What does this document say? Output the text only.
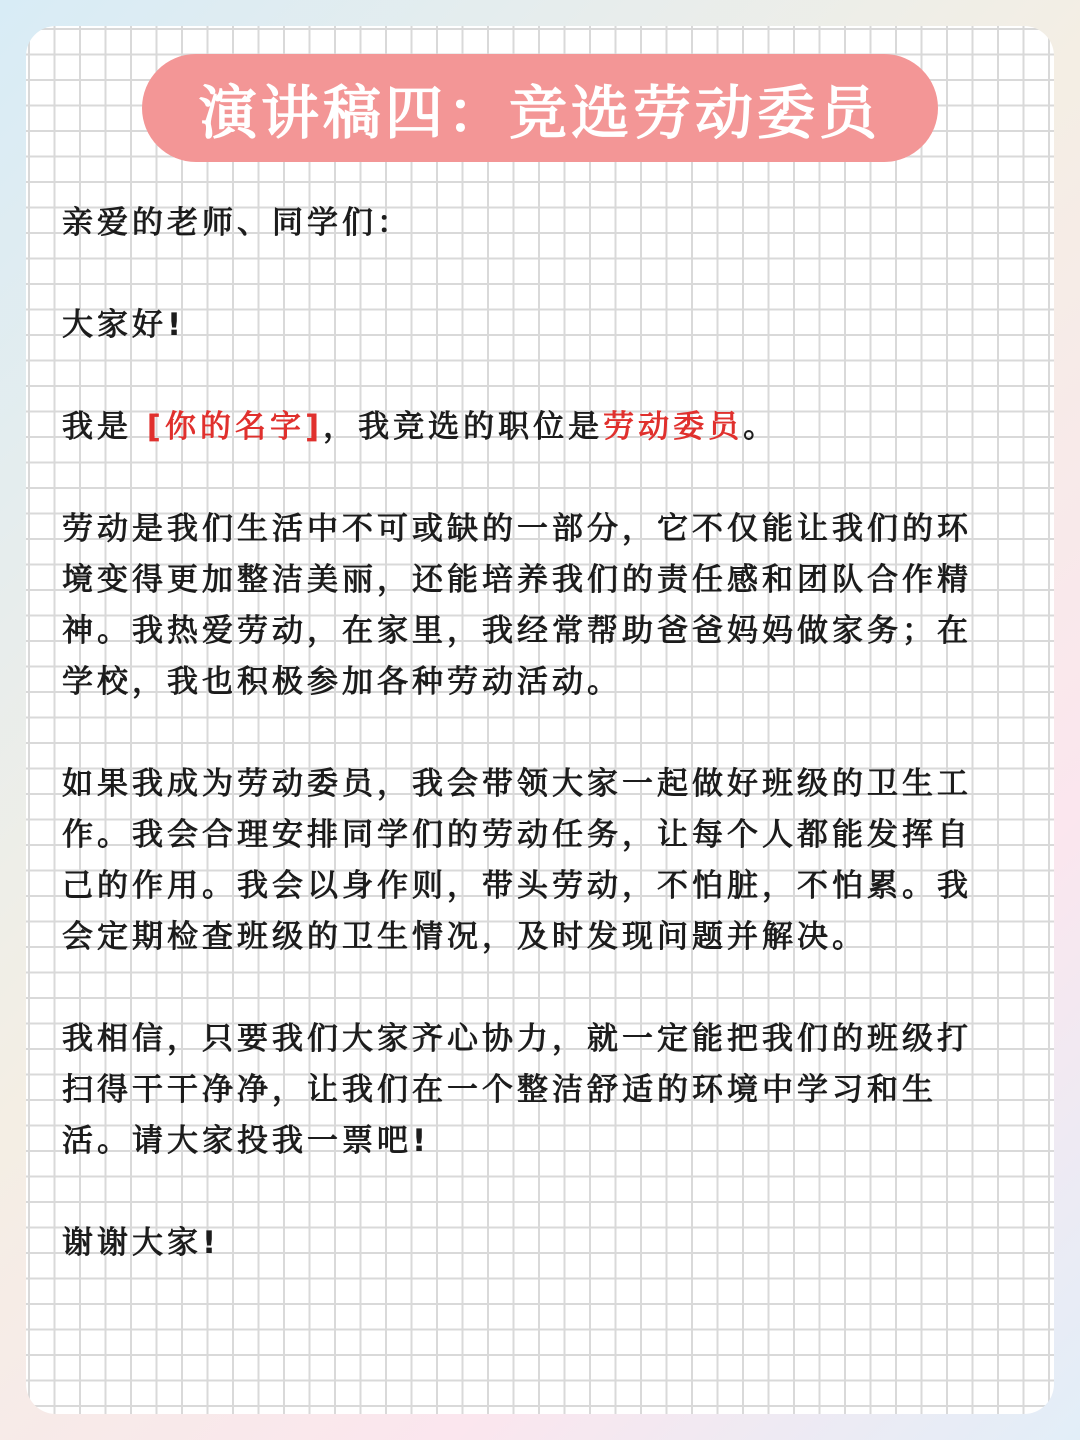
演讲稿四：竞选劳动委员

亲爱的老师、同学们：

大家好!

我是 [你的名字]，我竞选的职位是劳动委员。

劳动是我们生活中不可或缺的一部分，它不仅能让我们的环境变得更加整洁美丽，还能培养我们的责任感和团队合作精神。我热爱劳动，在家里，我经常帮助爸爸妈妈做家务；在学校，我也积极参加各种劳动活动。

如果我成为劳动委员，我会带领大家一起做好班级的卫生工作。我会合理安排同学们的劳动任务，让每个人都能发挥自己的作用。我会以身作则，带头劳动，不怕脏，不怕累。我会定期检查班级的卫生情况，及时发现问题并解决。

我相信，只要我们大家齐心协力，就一定能把我们的班级打扫得干干净净，让我们在一个整洁舒适的环境中学习和生活。请大家投我一票吧!

谢谢大家!
